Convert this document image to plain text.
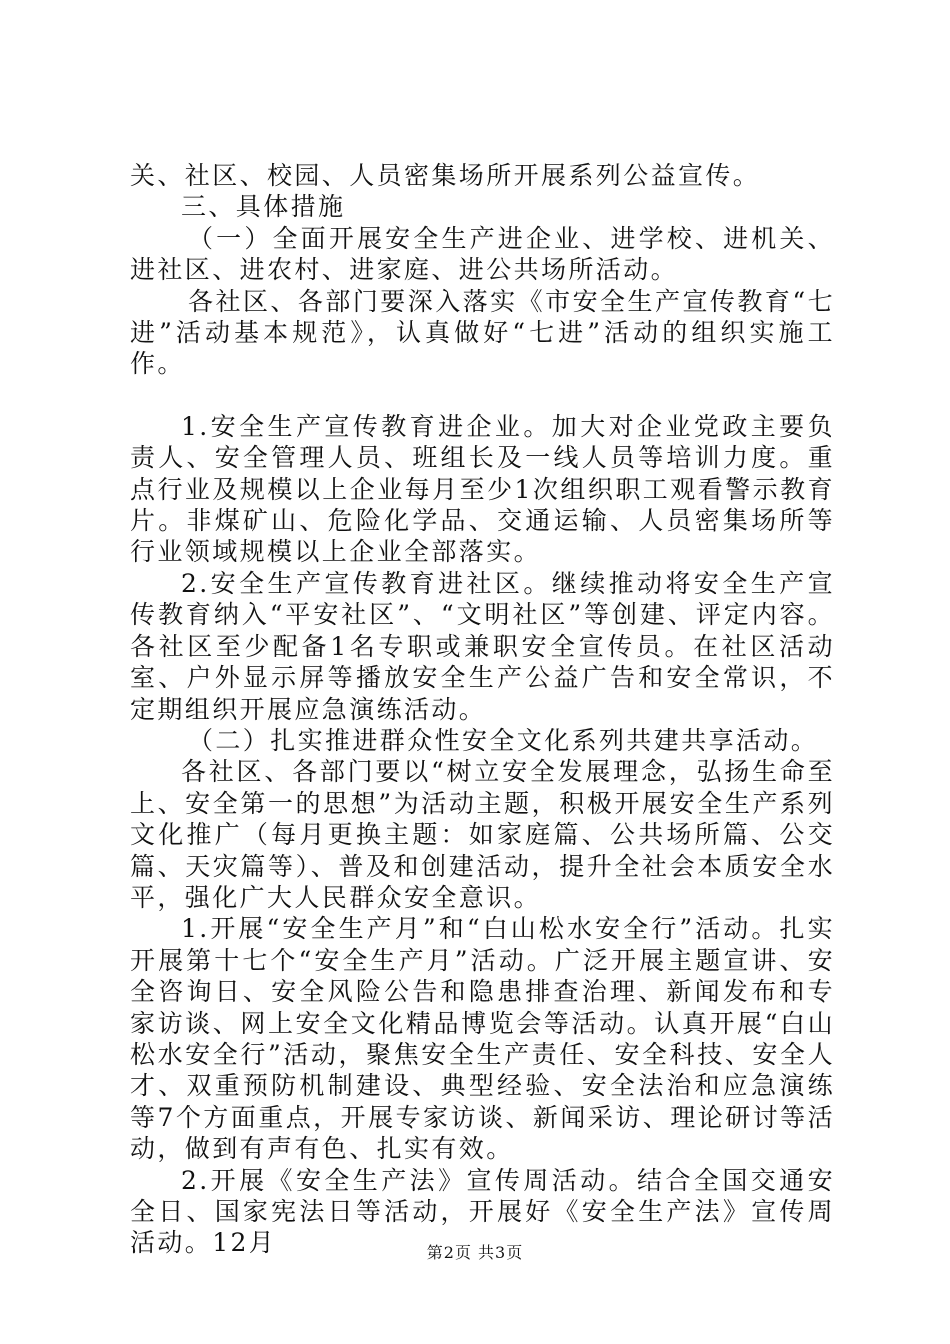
关、社区、校园、人员密集场所开展系列公益宣传。

三、具体措施

（一）全面开展安全生产进企业、进学校、进机关、进社区、进农村、进家庭、进公共场所活动。

各社区、各部门要深入落实《市安全生产宣传教育“七进”活动基本规范》，认真做好“七进”活动的组织实施工作。

1.安全生产宣传教育进企业。加大对企业党政主要负责人、安全管理人员、班组长及一线人员等培训力度。重点行业及规模以上企业每月至少1次组织职工观看警示教育片。非煤矿山、危险化学品、交通运输、人员密集场所等行业领域规模以上企业全部落实。

2.安全生产宣传教育进社区。继续推动将安全生产宣传教育纳入“平安社区”、“文明社区”等创建、评定内容。各社区至少配备1名专职或兼职安全宣传员。在社区活动室、户外显示屏等播放安全生产公益广告和安全常识，不定期组织开展应急演练活动。

（二）扎实推进群众性安全文化系列共建共享活动。

各社区、各部门要以“树立安全发展理念，弘扬生命至上、安全第一的思想”为活动主题，积极开展安全生产系列文化推广（每月更换主题：如家庭篇、公共场所篇、公交篇、天灾篇等）、普及和创建活动，提升全社会本质安全水平，强化广大人民群众安全意识。

1.开展“安全生产月”和“白山松水安全行”活动。扎实开展第十七个“安全生产月”活动。广泛开展主题宣讲、安全咨询日、安全风险公告和隐患排查治理、新闻发布和专家访谈、网上安全文化精品博览会等活动。认真开展“白山松水安全行”活动，聚焦安全生产责任、安全科技、安全人才、双重预防机制建设、典型经验、安全法治和应急演练等7个方面重点，开展专家访谈、新闻采访、理论研讨等活动，做到有声有色、扎实有效。

2.开展《安全生产法》宣传周活动。结合全国交通安全日、国家宪法日等活动，开展好《安全生产法》宣传周活动。12月	第2页 共3页
